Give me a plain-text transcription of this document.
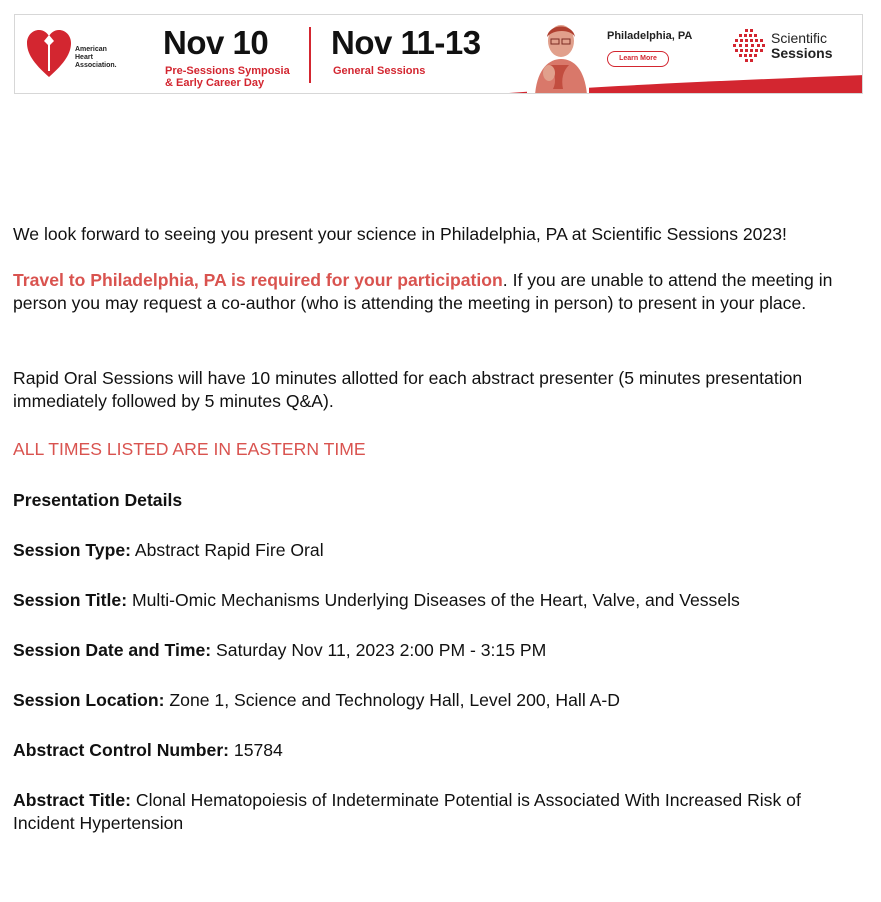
American
Heart
Association.
Nov 10
Pre-Sessions Symposia
& Early Career Day
Nov 11-13
General Sessions
Philadelphia, PA
Learn More
Scientific
Sessions

We look forward to seeing you present your science in Philadelphia, PA at Scientific Sessions 2023!

Travel to Philadelphia, PA is required for your participation. If you are unable to attend the meeting in person you may request a co-author (who is attending the meeting in person) to present in your place.

Rapid Oral Sessions will have 10 minutes allotted for each abstract presenter (5 minutes presentation immediately followed by 5 minutes Q&A).

ALL TIMES LISTED ARE IN EASTERN TIME

Presentation Details

Session Type: Abstract Rapid Fire Oral

Session Title: Multi-Omic Mechanisms Underlying Diseases of the Heart, Valve, and Vessels

Session Date and Time: Saturday Nov 11, 2023 2:00 PM - 3:15 PM

Session Location: Zone 1, Science and Technology Hall, Level 200, Hall A-D

Abstract Control Number: 15784

Abstract Title: Clonal Hematopoiesis of Indeterminate Potential is Associated With Increased Risk of Incident Hypertension
